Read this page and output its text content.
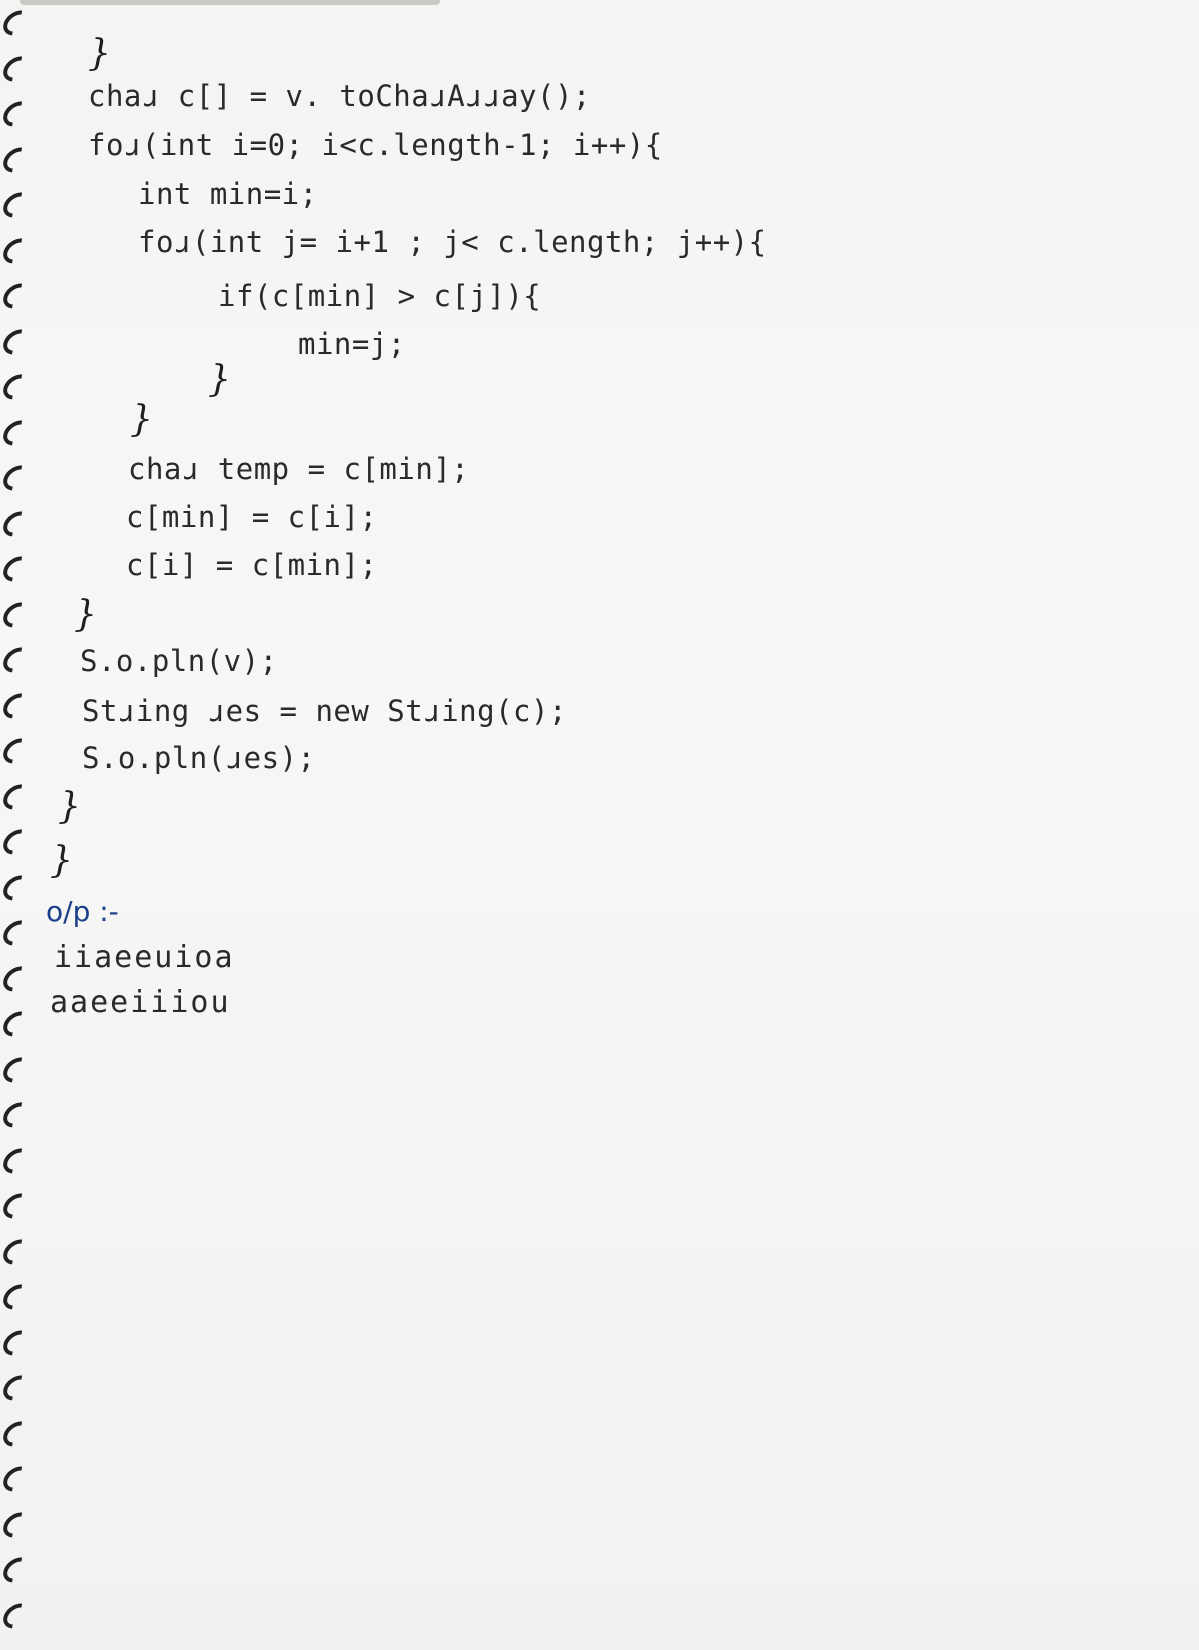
}
chaɹ c[] = v. toChaɹAɹɹay();
foɹ(int i=0; i<c.length-1; i++){
int min=i;
foɹ(int j= i+1 ; j< c.length; j++){
if(c[min] > c[j]){
min=j;
}
}
chaɹ temp = c[min];
c[min] = c[i];
c[i] = c[min];
}
S.o.pln(v);
Stɹing ɹes = new Stɹing(c);
S.o.pln(ɹes);
}
}
o/p :-
iiaeeuioa
aaeeiiiou
